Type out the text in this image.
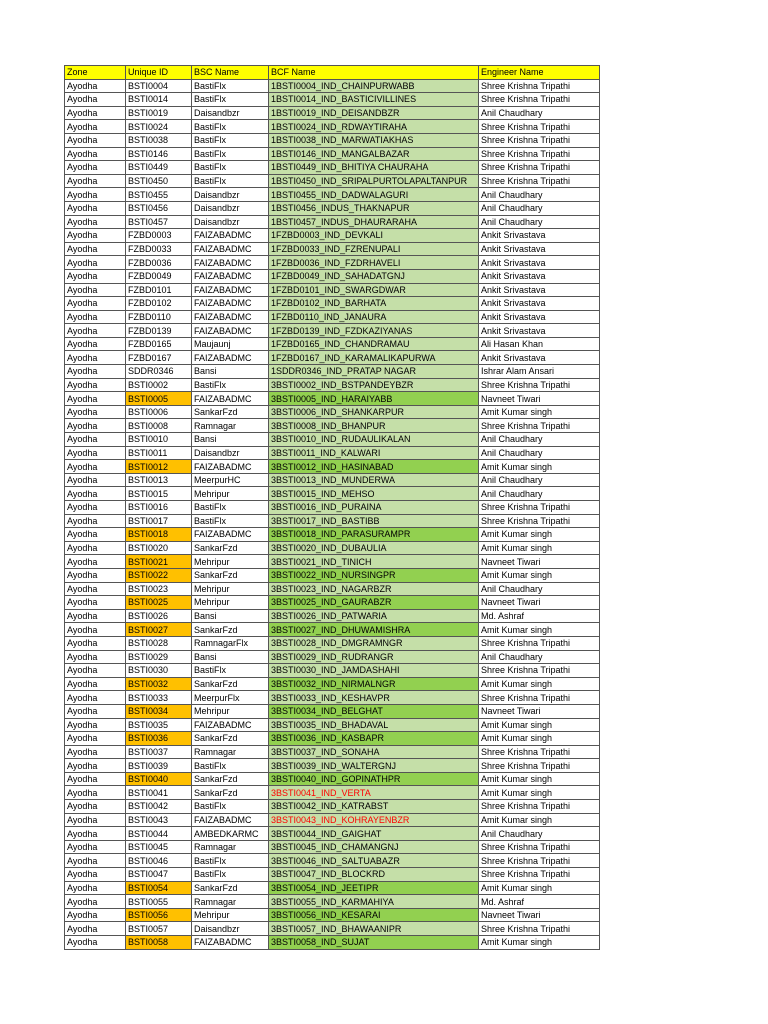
Zone	Unique ID	BSC Name	BCF Name	Engineer Name
Ayodha	BSTI0004	BastiFlx	1BSTI0004_IND_CHAINPURWABB	Shree Krishna Tripathi
Ayodha	BSTI0014	BastiFlx	1BSTI0014_IND_BASTICIVILLINES	Shree Krishna Tripathi
Ayodha	BSTI0019	Daisandbzr	1BSTI0019_IND_DEISANDBZR	Anil Chaudhary
Ayodha	BSTI0024	BastiFlx	1BSTI0024_IND_RDWAYTIRAHA	Shree Krishna Tripathi
Ayodha	BSTI0038	BastiFlx	1BSTI0038_IND_MARWATIAKHAS	Shree Krishna Tripathi
Ayodha	BSTI0146	BastiFlx	1BSTI0146_IND_MANGALBAZAR	Shree Krishna Tripathi
Ayodha	BSTI0449	BastiFlx	1BSTI0449_IND_BHITIYA CHAURAHA	Shree Krishna Tripathi
Ayodha	BSTI0450	BastiFlx	1BSTI0450_IND_SRIPALPURTOLAPALTANPUR	Shree Krishna Tripathi
Ayodha	BSTI0455	Daisandbzr	1BSTI0455_IND_DADWALAGURI	Anil Chaudhary
Ayodha	BSTI0456	Daisandbzr	1BSTI0456_INDUS_THAKNAPUR	Anil Chaudhary
Ayodha	BSTI0457	Daisandbzr	1BSTI0457_INDUS_DHAURARAHA	Anil Chaudhary
Ayodha	FZBD0003	FAIZABADMC	1FZBD0003_IND_DEVKALI	Ankit Srivastava
Ayodha	FZBD0033	FAIZABADMC	1FZBD0033_IND_FZRENUPALI	Ankit Srivastava
Ayodha	FZBD0036	FAIZABADMC	1FZBD0036_IND_FZDRHAVELI	Ankit Srivastava
Ayodha	FZBD0049	FAIZABADMC	1FZBD0049_IND_SAHADATGNJ	Ankit Srivastava
Ayodha	FZBD0101	FAIZABADMC	1FZBD0101_IND_SWARGDWAR	Ankit Srivastava
Ayodha	FZBD0102	FAIZABADMC	1FZBD0102_IND_BARHATA	Ankit Srivastava
Ayodha	FZBD0110	FAIZABADMC	1FZBD0110_IND_JANAURA	Ankit Srivastava
Ayodha	FZBD0139	FAIZABADMC	1FZBD0139_IND_FZDKAZIYANAS	Ankit Srivastava
Ayodha	FZBD0165	Maujaunj	1FZBD0165_IND_CHANDRAMAU	Ali Hasan Khan
Ayodha	FZBD0167	FAIZABADMC	1FZBD0167_IND_KARAMALIKAPURWA	Ankit Srivastava
Ayodha	SDDR0346	Bansi	1SDDR0346_IND_PRATAP NAGAR	Ishrar Alam Ansari
Ayodha	BSTI0002	BastiFlx	3BSTI0002_IND_BSTPANDEYBZR	Shree Krishna Tripathi
Ayodha	BSTI0005	FAIZABADMC	3BSTI0005_IND_HARAIYABB	Navneet Tiwari
Ayodha	BSTI0006	SankarFzd	3BSTI0006_IND_SHANKARPUR	Amit Kumar singh
Ayodha	BSTI0008	Ramnagar	3BSTI0008_IND_BHANPUR	Shree Krishna Tripathi
Ayodha	BSTI0010	Bansi	3BSTI0010_IND_RUDAULIKALAN	Anil Chaudhary
Ayodha	BSTI0011	Daisandbzr	3BSTI0011_IND_KALWARI	Anil Chaudhary
Ayodha	BSTI0012	FAIZABADMC	3BSTI0012_IND_HASINABAD	Amit Kumar singh
Ayodha	BSTI0013	MeerpurHC	3BSTI0013_IND_MUNDERWA	Anil Chaudhary
Ayodha	BSTI0015	Mehripur	3BSTI0015_IND_MEHSO	Anil Chaudhary
Ayodha	BSTI0016	BastiFlx	3BSTI0016_IND_PURAINA	Shree Krishna Tripathi
Ayodha	BSTI0017	BastiFlx	3BSTI0017_IND_BASTIBB	Shree Krishna Tripathi
Ayodha	BSTI0018	FAIZABADMC	3BSTI0018_IND_PARASURAMPR	Amit Kumar singh
Ayodha	BSTI0020	SankarFzd	3BSTI0020_IND_DUBAULIA	Amit Kumar singh
Ayodha	BSTI0021	Mehripur	3BSTI0021_IND_TINICH	Navneet Tiwari
Ayodha	BSTI0022	SankarFzd	3BSTI0022_IND_NURSINGPR	Amit Kumar singh
Ayodha	BSTI0023	Mehripur	3BSTI0023_IND_NAGARBZR	Anil Chaudhary
Ayodha	BSTI0025	Mehripur	3BSTI0025_IND_GAURABZR	Navneet Tiwari
Ayodha	BSTI0026	Bansi	3BSTI0026_IND_PATWARIA	Md. Ashraf
Ayodha	BSTI0027	SankarFzd	3BSTI0027_IND_DHUWAMISHRA	Amit Kumar singh
Ayodha	BSTI0028	RamnagarFlx	3BSTI0028_IND_DMGRAMNGR	Shree Krishna Tripathi
Ayodha	BSTI0029	Bansi	3BSTI0029_IND_RUDRANGR	Anil Chaudhary
Ayodha	BSTI0030	BastiFlx	3BSTI0030_IND_JAMDASHAHI	Shree Krishna Tripathi
Ayodha	BSTI0032	SankarFzd	3BSTI0032_IND_NIRMALNGR	Amit Kumar singh
Ayodha	BSTI0033	MeerpurFlx	3BSTI0033_IND_KESHAVPR	Shree Krishna Tripathi
Ayodha	BSTI0034	Mehripur	3BSTI0034_IND_BELGHAT	Navneet Tiwari
Ayodha	BSTI0035	FAIZABADMC	3BSTI0035_IND_BHADAVAL	Amit Kumar singh
Ayodha	BSTI0036	SankarFzd	3BSTI0036_IND_KASBAPR	Amit Kumar singh
Ayodha	BSTI0037	Ramnagar	3BSTI0037_IND_SONAHA	Shree Krishna Tripathi
Ayodha	BSTI0039	BastiFlx	3BSTI0039_IND_WALTERGNJ	Shree Krishna Tripathi
Ayodha	BSTI0040	SankarFzd	3BSTI0040_IND_GOPINATHPR	Amit Kumar singh
Ayodha	BSTI0041	SankarFzd	3BSTI0041_IND_VERTA	Amit Kumar singh
Ayodha	BSTI0042	BastiFlx	3BSTI0042_IND_KATRABST	Shree Krishna Tripathi
Ayodha	BSTI0043	FAIZABADMC	3BSTI0043_IND_KOHRAYENBZR	Amit Kumar singh
Ayodha	BSTI0044	AMBEDKARMC	3BSTI0044_IND_GAIGHAT	Anil Chaudhary
Ayodha	BSTI0045	Ramnagar	3BSTI0045_IND_CHAMANGNJ	Shree Krishna Tripathi
Ayodha	BSTI0046	BastiFlx	3BSTI0046_IND_SALTUABAZR	Shree Krishna Tripathi
Ayodha	BSTI0047	BastiFlx	3BSTI0047_IND_BLOCKRD	Shree Krishna Tripathi
Ayodha	BSTI0054	SankarFzd	3BSTI0054_IND_JEETIPR	Amit Kumar singh
Ayodha	BSTI0055	Ramnagar	3BSTI0055_IND_KARMAHIYA	Md. Ashraf
Ayodha	BSTI0056	Mehripur	3BSTI0056_IND_KESARAI	Navneet Tiwari
Ayodha	BSTI0057	Daisandbzr	3BSTI0057_IND_BHAWAANIPR	Shree Krishna Tripathi
Ayodha	BSTI0058	FAIZABADMC	3BSTI0058_IND_SUJAT	Amit Kumar singh
